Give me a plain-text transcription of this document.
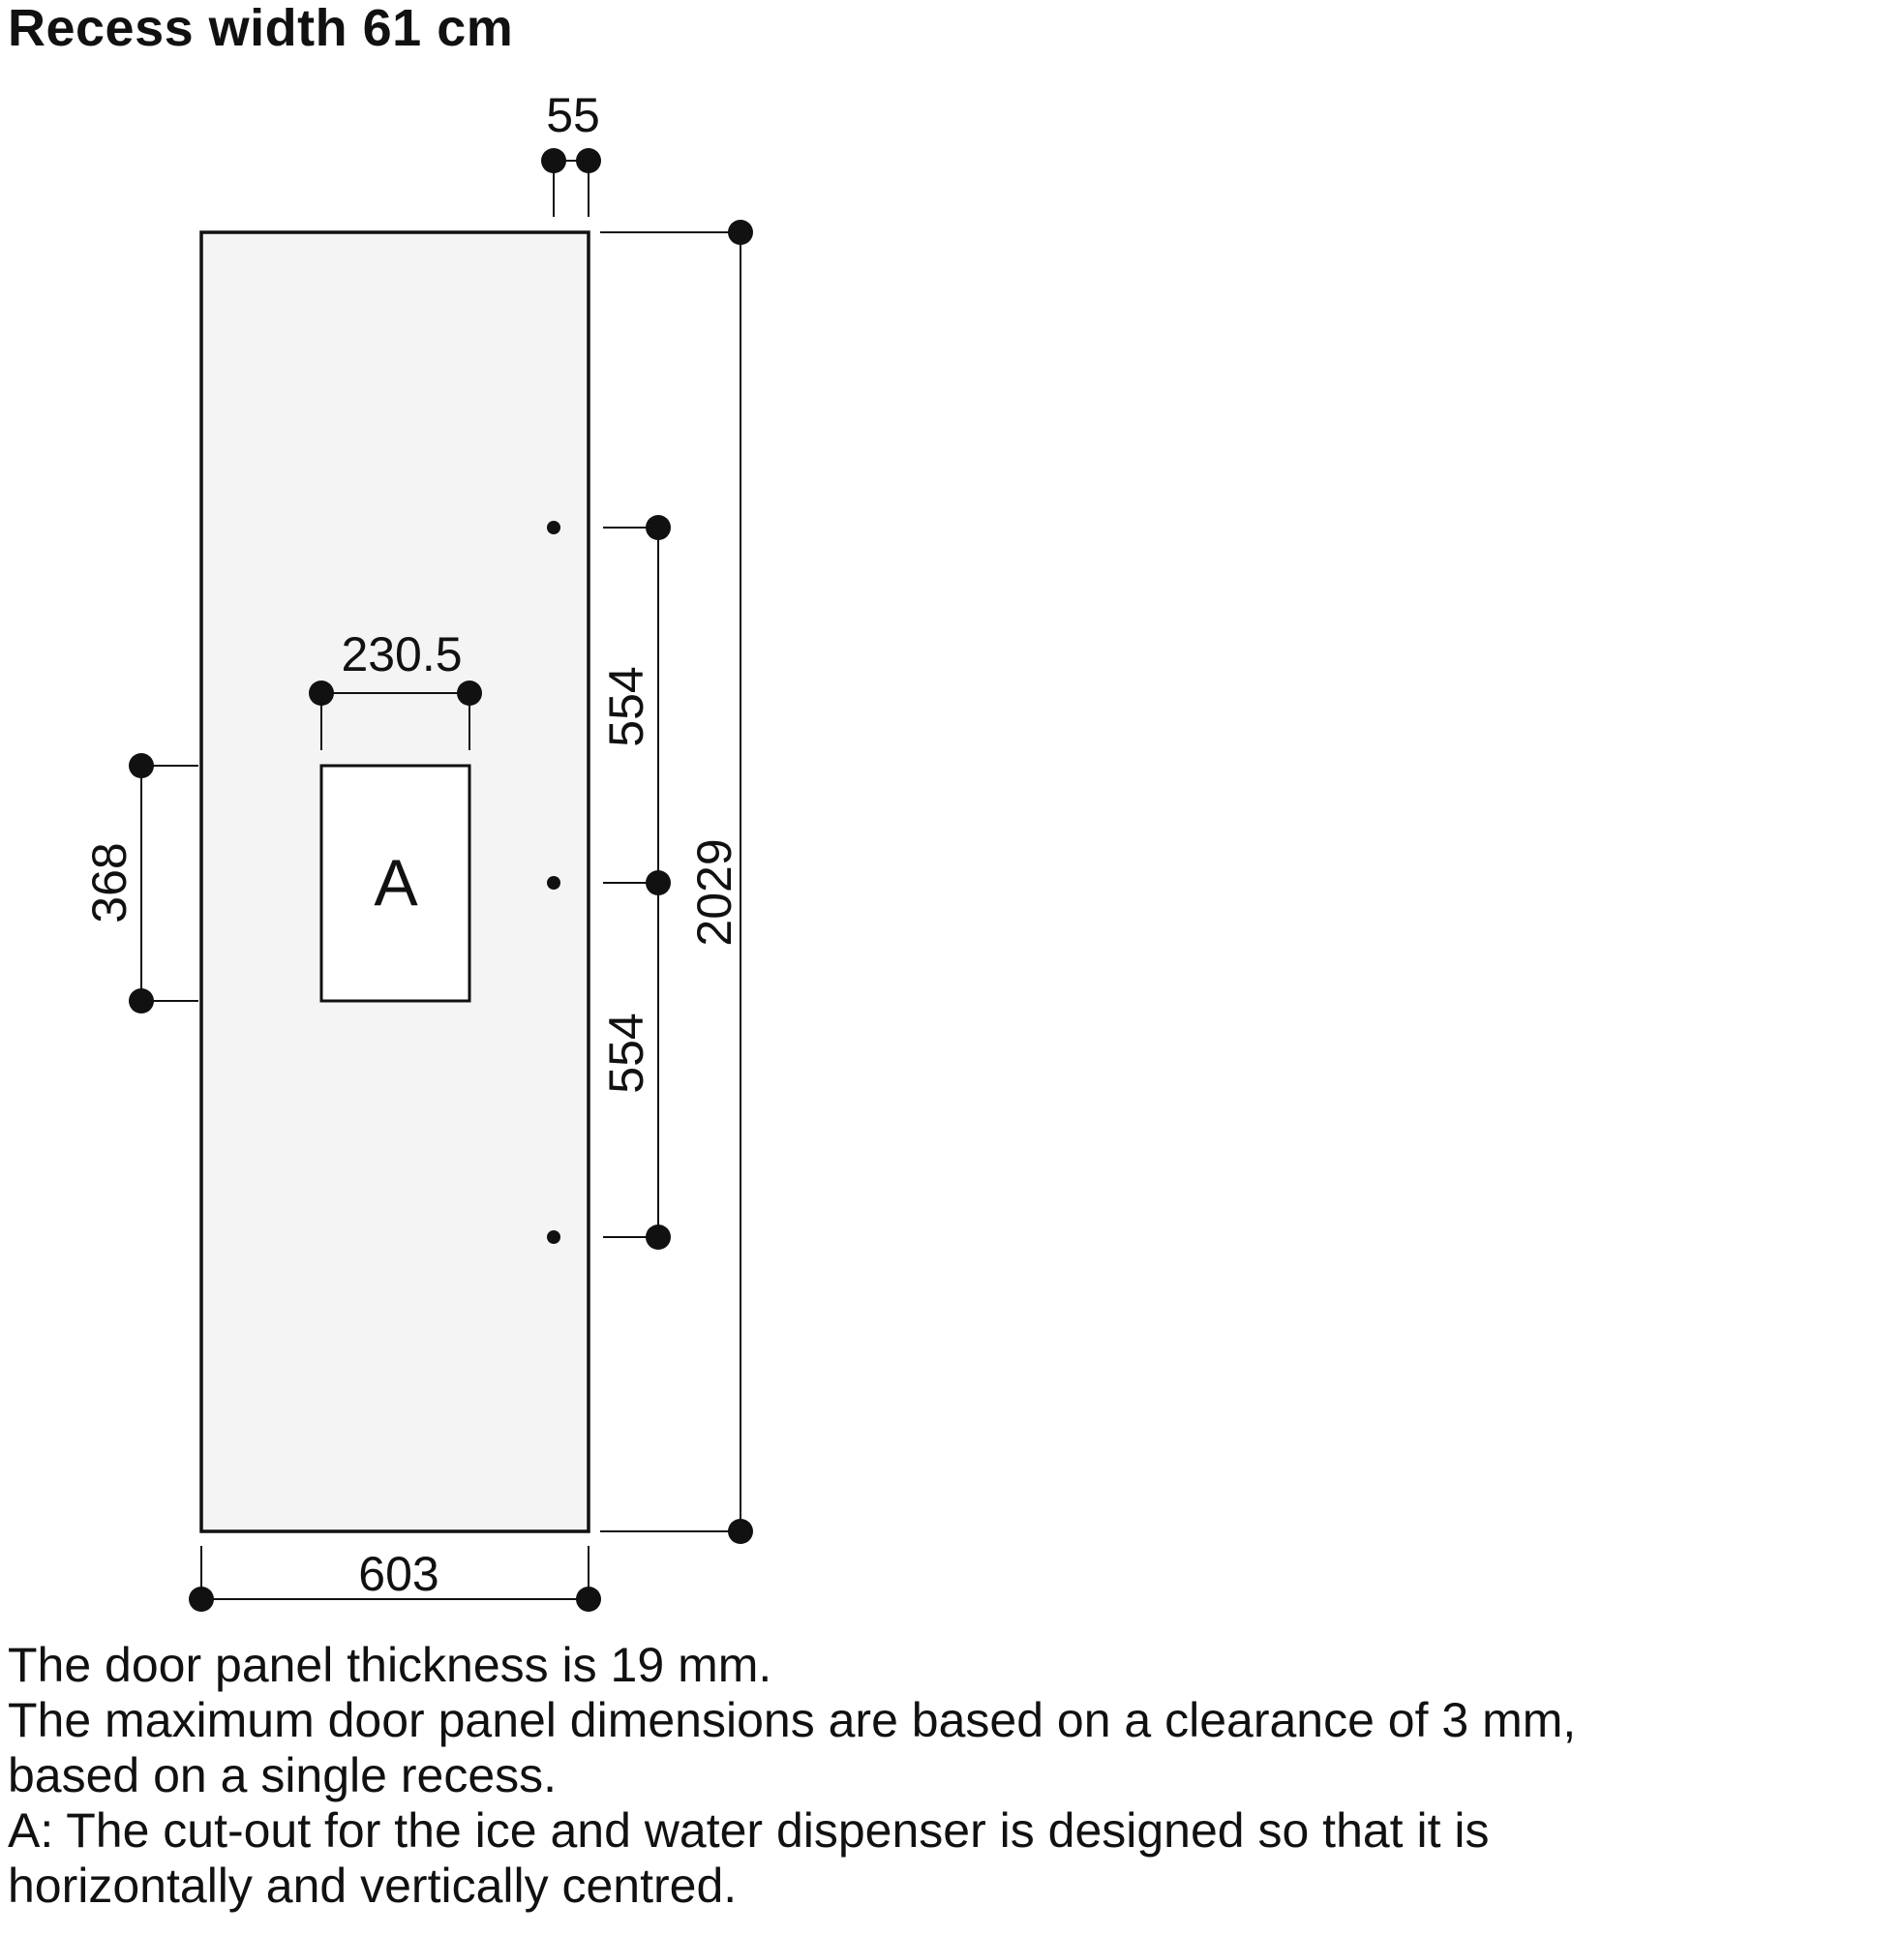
Recess width 61 cm
A
55
230.5
368
554
554
2029
603
The door panel thickness is 19 mm.
The maximum door panel dimensions are based on a clearance of 3 mm,
based on a single recess.
A: The cut-out for the ice and water dispenser is designed so that it is
horizontally and vertically centred.
